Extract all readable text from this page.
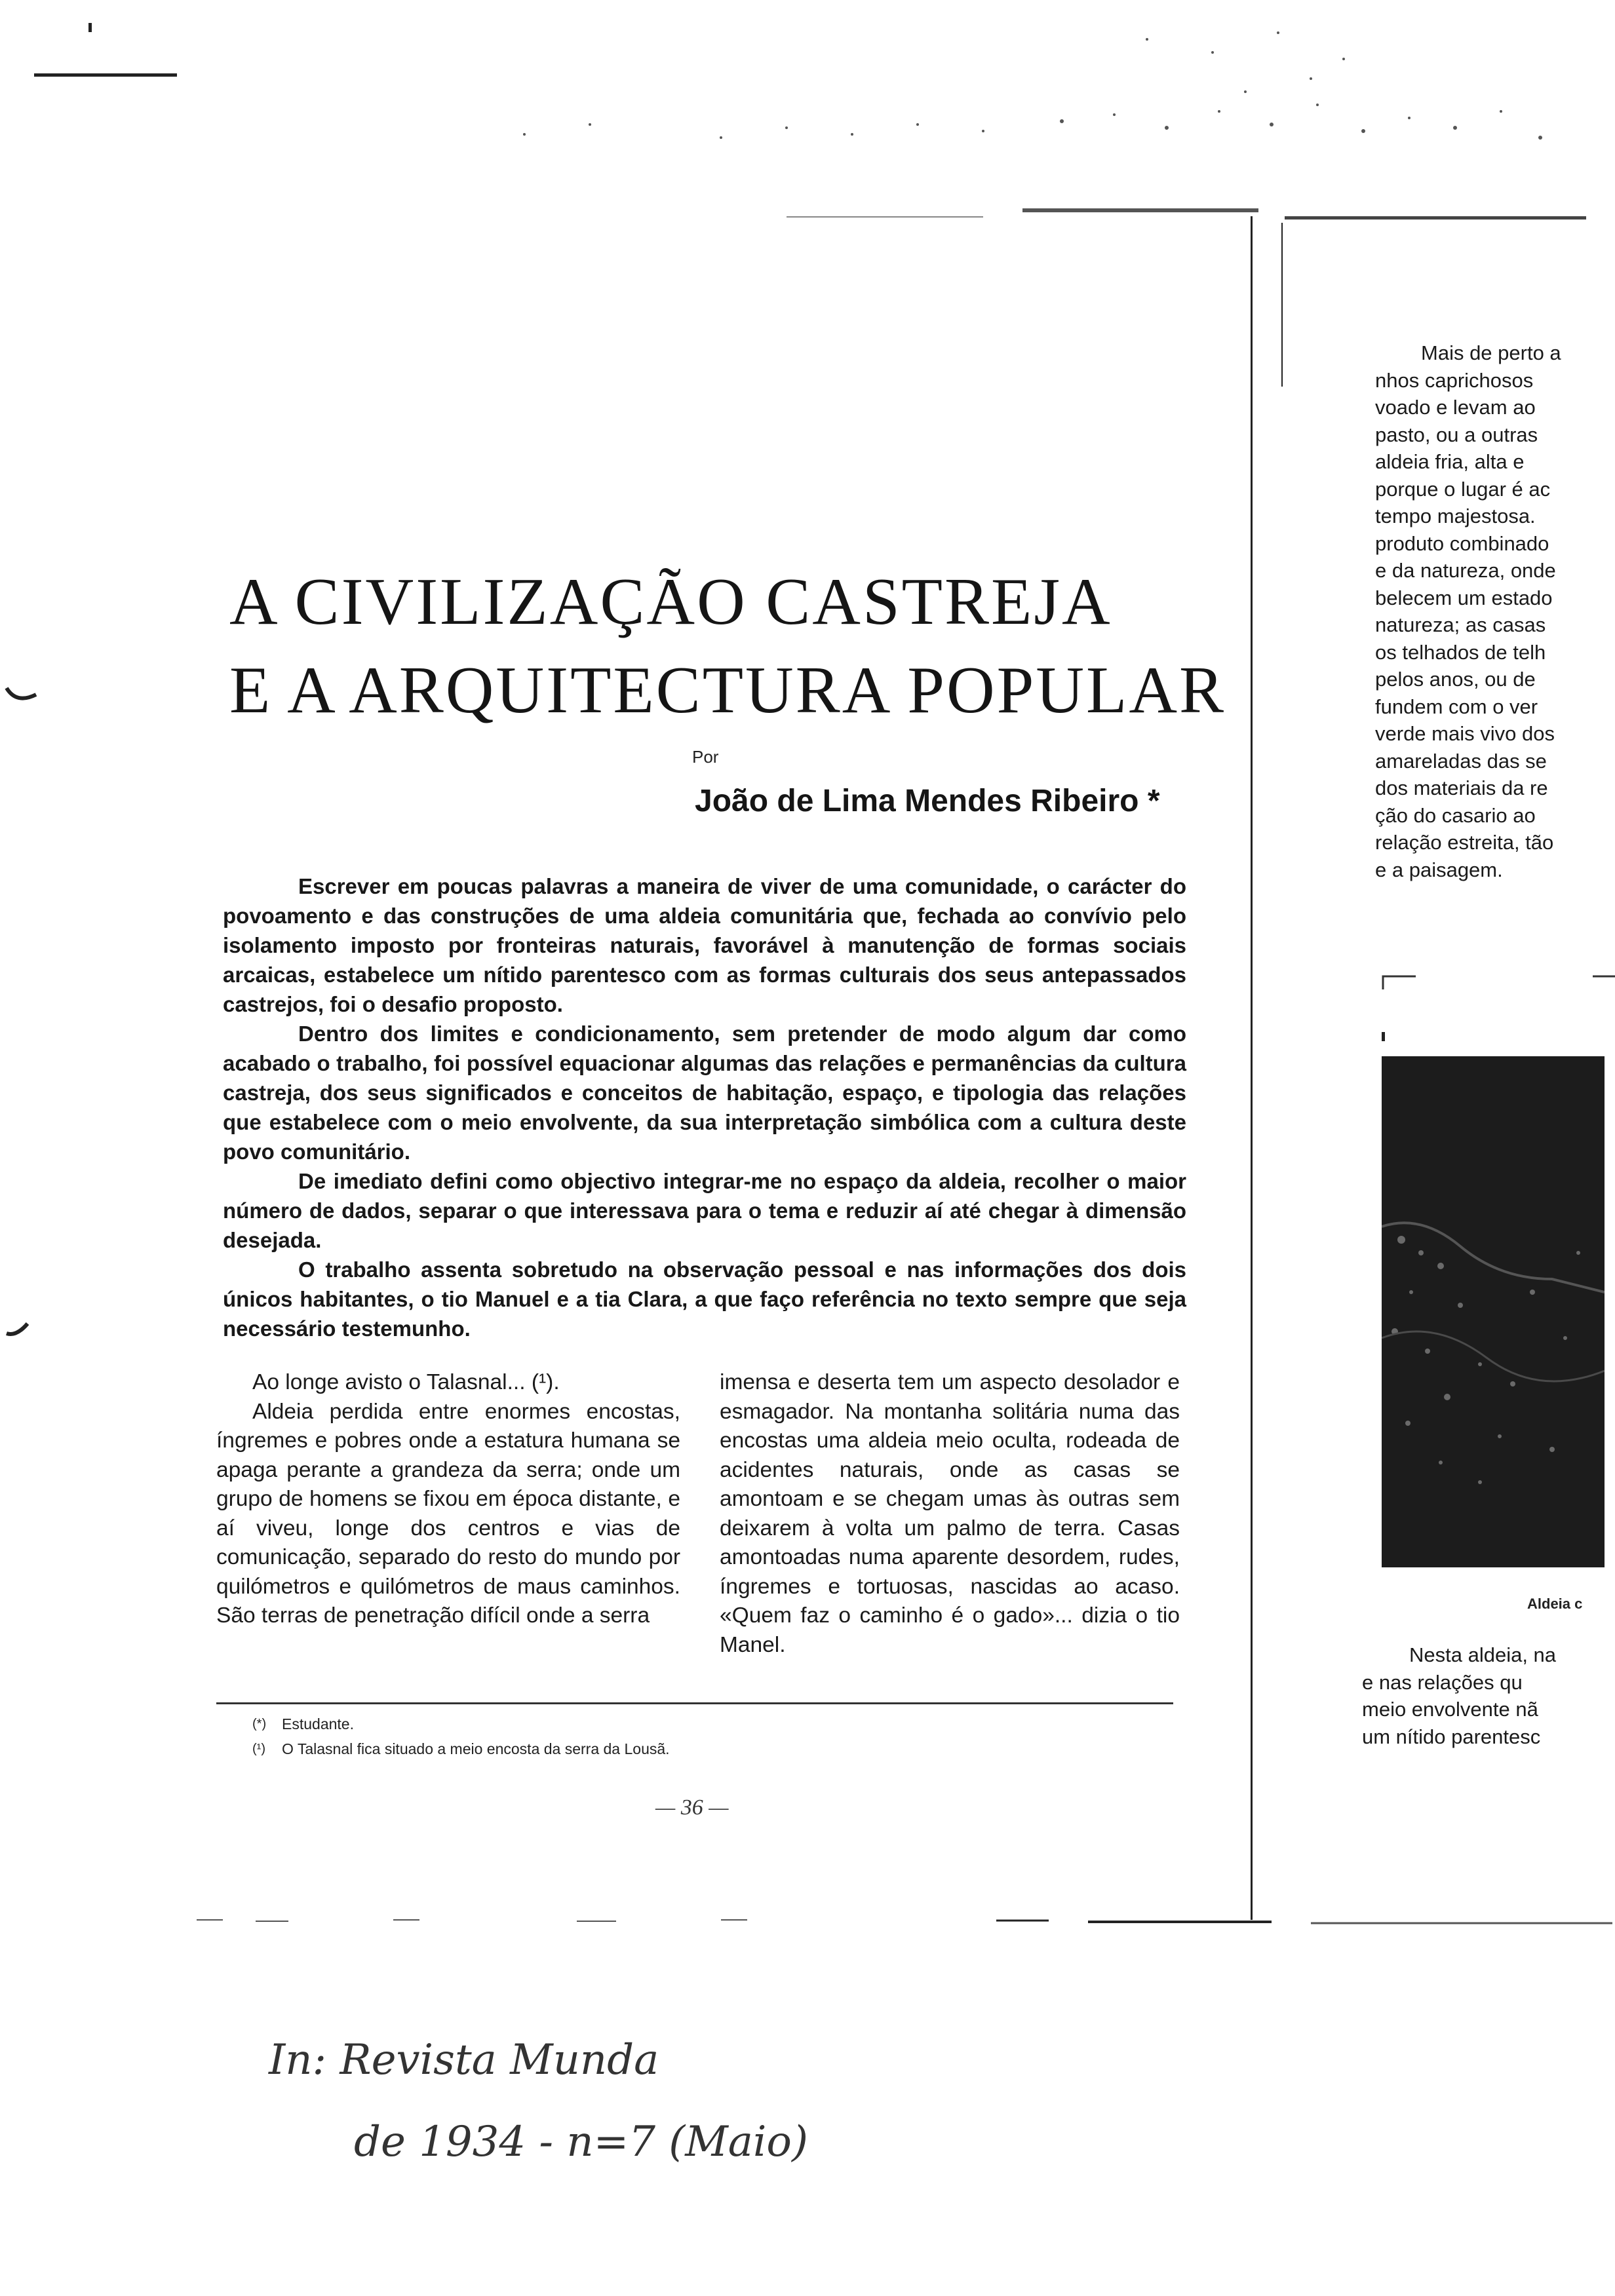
A CIVILIZAÇÃO CASTREJA
E A ARQUITECTURA POPULAR
Por
João de Lima Mendes Ribeiro *

Escrever em poucas palavras a maneira de viver de uma comunidade, o carácter do povoamento e das construções de uma aldeia comunitária que, fechada ao convívio pelo isolamento imposto por fronteiras naturais, favorável à manutenção de formas sociais arcaicas, estabelece um nítido parentesco com as formas culturais dos seus antepassados castrejos, foi o desafio proposto.

Dentro dos limites e condicionamento, sem pretender de modo algum dar como acabado o trabalho, foi possível equacionar algumas das relações e permanências da cultura castreja, dos seus significados e conceitos de habitação, espaço, e tipologia das relações que estabelece com o meio envolvente, da sua interpretação simbólica com a cultura deste povo comunitário.

De imediato defini como objectivo integrar-me no espaço da aldeia, recolher o maior número de dados, separar o que interessava para o tema e reduzir aí até chegar à dimensão desejada.

O trabalho assenta sobretudo na observação pessoal e nas informações dos dois únicos habitantes, o tio Manuel e a tia Clara, a que faço referência no texto sempre que seja necessário testemunho.

Ao longe avisto o Talasnal... (¹).

Aldeia perdida entre enormes encostas, íngremes e pobres onde a estatura humana se apaga perante a grandeza da serra; onde um grupo de homens se fixou em época distante, e aí viveu, longe dos centros e vias de comunicação, separado do resto do mundo por quilómetros e quilómetros de maus caminhos. São terras de penetração difícil onde a serra

imensa e deserta tem um aspecto desolador e esmagador. Na montanha solitária numa das encostas uma aldeia meio oculta, rodeada de acidentes naturais, onde as casas se amontoam e se chegam umas às outras sem deixarem à volta um palmo de terra. Casas amontoadas numa aparente desordem, rudes, íngremes e tortuosas, nascidas ao acaso. «Quem faz o caminho é o gado»... dizia o tio Manel.

(*) Estudante.
(¹) O Talasnal fica situado a meio encosta da serra da Lousã.
— 36 —
Mais de perto a
nhos caprichosos
voado e levam ao
pasto, ou a outras
aldeia fria, alta e
porque o lugar é ac
tempo majestosa.
produto combinado
e da natureza, onde
belecem um estado
natureza; as casas
os telhados de telh
pelos anos, ou de
fundem com o ver
verde mais vivo dos
amareladas das se
dos materiais da re
ção do casario ao
relação estreita, tão
e a paisagem.
Aldeia c
Nesta aldeia, na
e nas relações qu
meio envolvente nã
um nítido parentesc
In: Revista Munda
de 1934 - n=7 (Maio)
